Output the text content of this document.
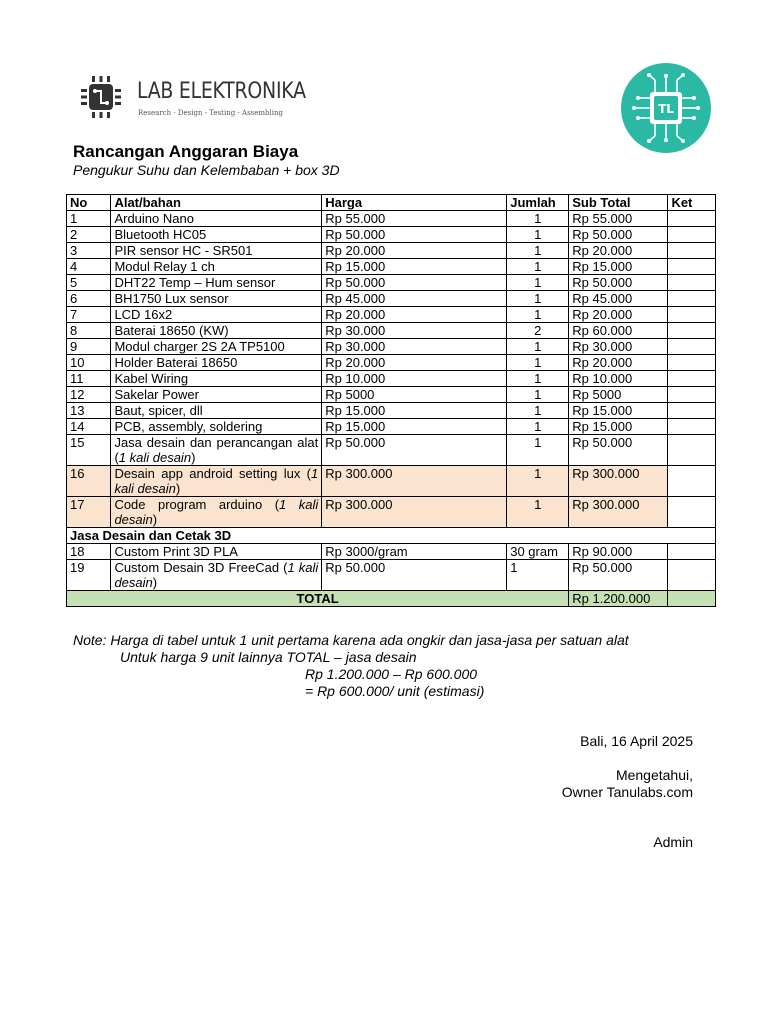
LAB ELEKTRONIKA
Research - Design - Testing - Assembling	TL
Rancangan Anggaran Biaya
Pengukur Suhu dan Kelembaban + box 3D
No	Alat/bahan	Harga	Jumlah	Sub Total	Ket
1	Arduino Nano	Rp 55.000	1	Rp 55.000	
2	Bluetooth HC05	Rp 50.000	1	Rp 50.000	
3	PIR sensor HC - SR501	Rp 20.000	1	Rp 20.000	
4	Modul Relay 1 ch	Rp 15.000	1	Rp 15.000	
5	DHT22 Temp – Hum sensor	Rp 50.000	1	Rp 50.000	
6	BH1750 Lux sensor	Rp 45.000	1	Rp 45.000	
7	LCD 16x2	Rp 20.000	1	Rp 20.000	
8	Baterai 18650 (KW)	Rp 30.000	2	Rp 60.000	
9	Modul charger 2S 2A TP5100	Rp 30.000	1	Rp 30.000	
10	Holder Baterai 18650	Rp 20.000	1	Rp 20.000	
11	Kabel Wiring	Rp 10.000	1	Rp 10.000	
12	Sakelar Power	Rp 5000	1	Rp 5000	
13	Baut, spicer, dll	Rp 15.000	1	Rp 15.000	
14	PCB, assembly, soldering	Rp 15.000	1	Rp 15.000	
15	Jasa desain dan perancangan alat (1 kali desain)	Rp 50.000	1	Rp 50.000	
16	Desain app android setting lux (1 kali desain)	Rp 300.000	1	Rp 300.000	
17	Code program arduino (1 kali desain)	Rp 300.000	1	Rp 300.000	
Jasa Desain dan Cetak 3D					
18	Custom Print 3D PLA	Rp 3000/gram	30 gram	Rp 90.000	
19	Custom Desain 3D FreeCad (1 kali desain)	Rp 50.000	1	Rp 50.000	
TOTAL				Rp 1.200.000	
Note: Harga di tabel untuk 1 unit pertama karena ada ongkir dan jasa-jasa per satuan alat
Untuk harga 9 unit lainnya TOTAL – jasa desain
Rp 1.200.000 – Rp 600.000
= Rp 600.000/ unit (estimasi)
Bali, 16 April 2025
Mengetahui,
Owner Tanulabs.com
Admin
